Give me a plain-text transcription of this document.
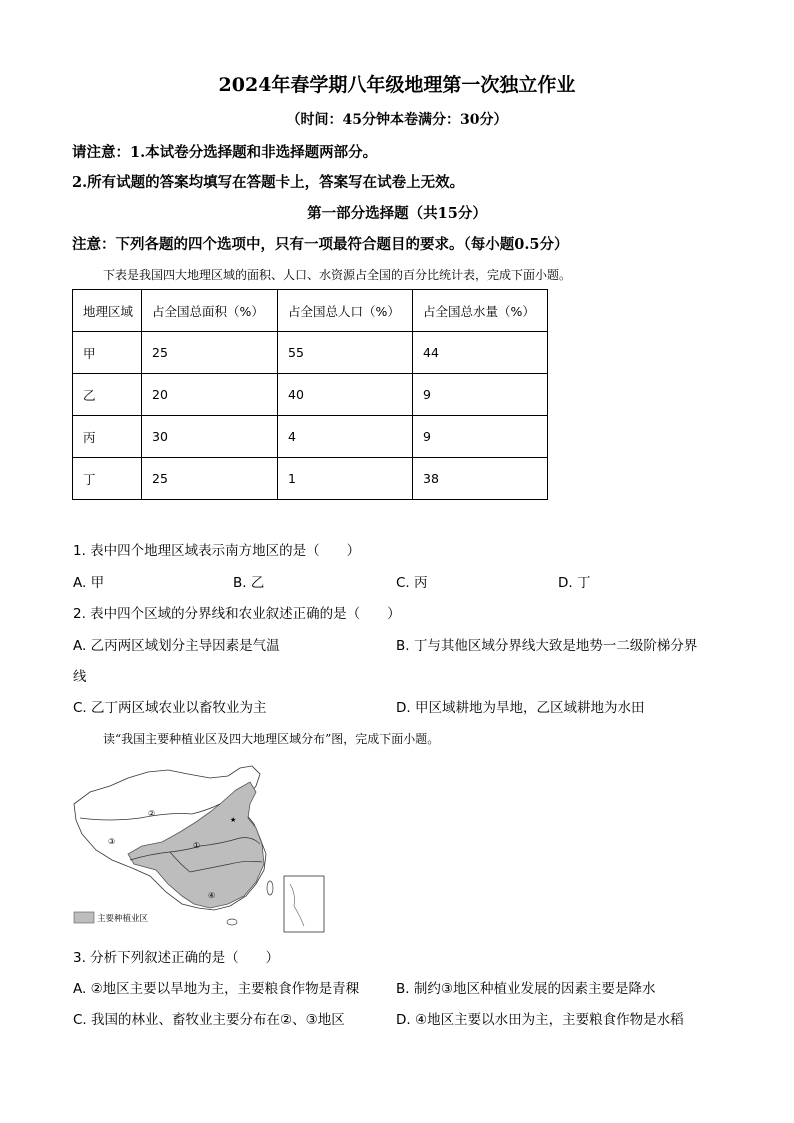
2024年春学期八年级地理第一次独立作业
（时间：45分钟本卷满分：30分）
请注意：1.本试卷分选择题和非选择题两部分。
2.所有试题的答案均填写在答题卡上，答案写在试卷上无效。
第一部分选择题（共15分）
注意：下列各题的四个选项中，只有一项最符合题目的要求。（每小题0.5分）
下表是我国四大地理区域的面积、人口、水资源占全国的百分比统计表，完成下面小题。
地理区域	占全国总面积（%）	占全国总人口（%）	占全国总水量（%）
甲	25	55	44
乙	20	40	9
丙	30	4	9
丁	25	1	38
1. 表中四个地理区域表示南方地区的是（　　）
A. 甲	B. 乙	C. 丙	D. 丁
2. 表中四个区域的分界线和农业叙述正确的是（　　）
A. 乙丙两区域划分主导因素是气温	B. 丁与其他区域分界线大致是地势一二级阶梯分界
线
C. 乙丁两区域农业以畜牧业为主	D. 甲区域耕地为旱地，乙区域耕地为水田
读“我国主要种植业区及四大地理区域分布”图，完成下面小题。
★
主要种植业区
①
②
③
④
3. 分析下列叙述正确的是（　　）
A. ②地区主要以旱地为主，主要粮食作物是青稞	B. 制约③地区种植业发展的因素主要是降水
C. 我国的林业、畜牧业主要分布在②、③地区	D. ④地区主要以水田为主，主要粮食作物是水稻
